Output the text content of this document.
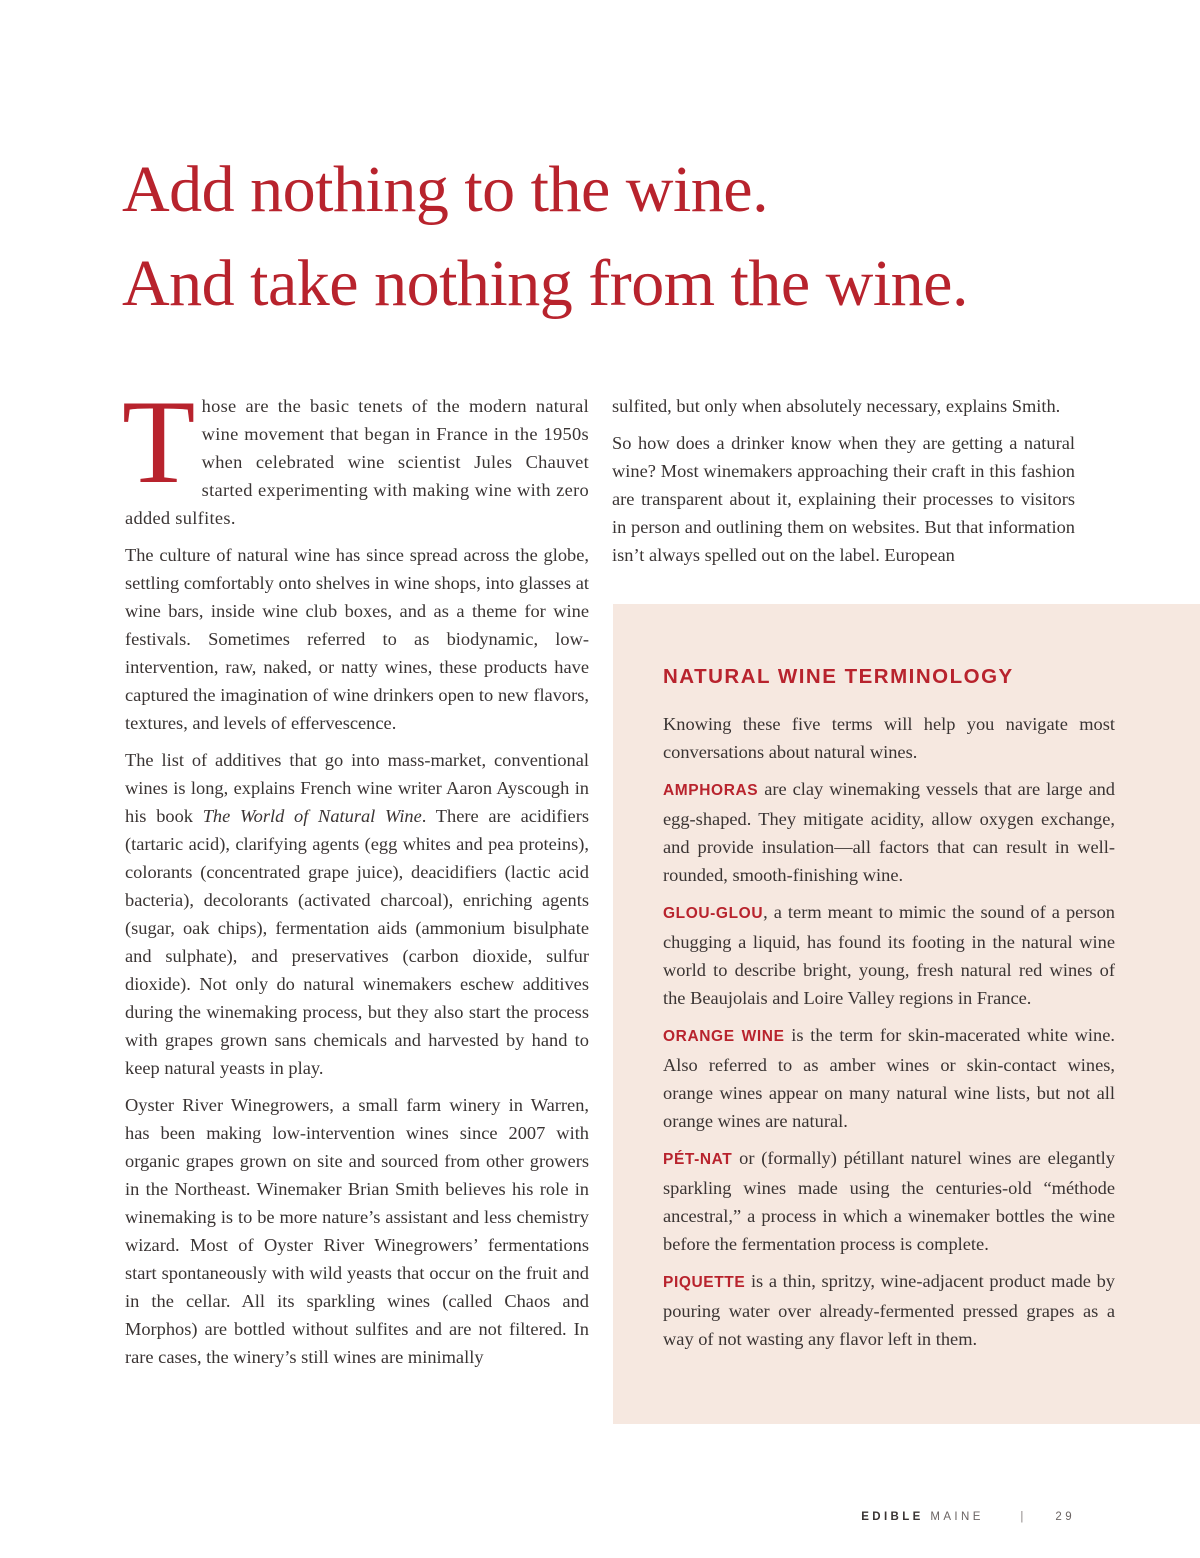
Add nothing to the wine.
And take nothing from the wine.

Those are the basic tenets of the modern natural wine movement that began in France in the 1950s when celebrated wine scientist Jules Chauvet started experimenting with making wine with zero added sulfites.

The culture of natural wine has since spread across the globe, settling comfortably onto shelves in wine shops, into glasses at wine bars, inside wine club boxes, and as a theme for wine festivals. Sometimes referred to as biodynamic, low-intervention, raw, naked, or natty wines, these products have captured the imagination of wine drinkers open to new flavors, textures, and levels of effervescence.

The list of additives that go into mass-market, conventional wines is long, explains French wine writer Aaron Ayscough in his book The World of Natural Wine. There are acidifiers (tartaric acid), clarifying agents (egg whites and pea proteins), colorants (concentrated grape juice), deacidifiers (lactic acid bacteria), decolorants (activated charcoal), enriching agents (sugar, oak chips), fermentation aids (ammonium bisulphate and sulphate), and preservatives (carbon dioxide, sulfur dioxide). Not only do natural winemakers eschew additives during the winemaking process, but they also start the process with grapes grown sans chemicals and harvested by hand to keep natural yeasts in play.

Oyster River Winegrowers, a small farm winery in Warren, has been making low-intervention wines since 2007 with organic grapes grown on site and sourced from other growers in the Northeast. Winemaker Brian Smith believes his role in winemaking is to be more nature’s assistant and less chemistry wizard. Most of Oyster River Winegrowers’ fermentations start spontaneously with wild yeasts that occur on the fruit and in the cellar. All its sparkling wines (called Chaos and Morphos) are bottled without sulfites and are not filtered. In rare cases, the winery’s still wines are minimally

sulfited, but only when absolutely necessary, explains Smith.

So how does a drinker know when they are getting a natural wine? Most winemakers approaching their craft in this fashion are transparent about it, explaining their processes to visitors in person and outlining them on websites. But that information isn’t always spelled out on the label. European

NATURAL WINE TERMINOLOGY

Knowing these five terms will help you navigate most conversations about natural wines.

AMPHORAS are clay winemaking vessels that are large and egg-shaped. They mitigate acidity, allow oxygen exchange, and provide insulation—all factors that can result in well-rounded, smooth-finishing wine.

GLOU-GLOU, a term meant to mimic the sound of a person chugging a liquid, has found its footing in the natural wine world to describe bright, young, fresh natural red wines of the Beaujolais and Loire Valley regions in France.

ORANGE WINE is the term for skin-macerated white wine. Also referred to as amber wines or skin-contact wines, orange wines appear on many natural wine lists, but not all orange wines are natural.

PÉT-NAT or (formally) pétillant naturel wines are elegantly sparkling wines made using the centuries-old “méthode ancestral,” a process in which a winemaker bottles the wine before the fermentation process is complete.

PIQUETTE is a thin, spritzy, wine-adjacent product made by pouring water over already-fermented pressed grapes as a way of not wasting any flavor left in them.

EDIBLE MAINE	| 29
